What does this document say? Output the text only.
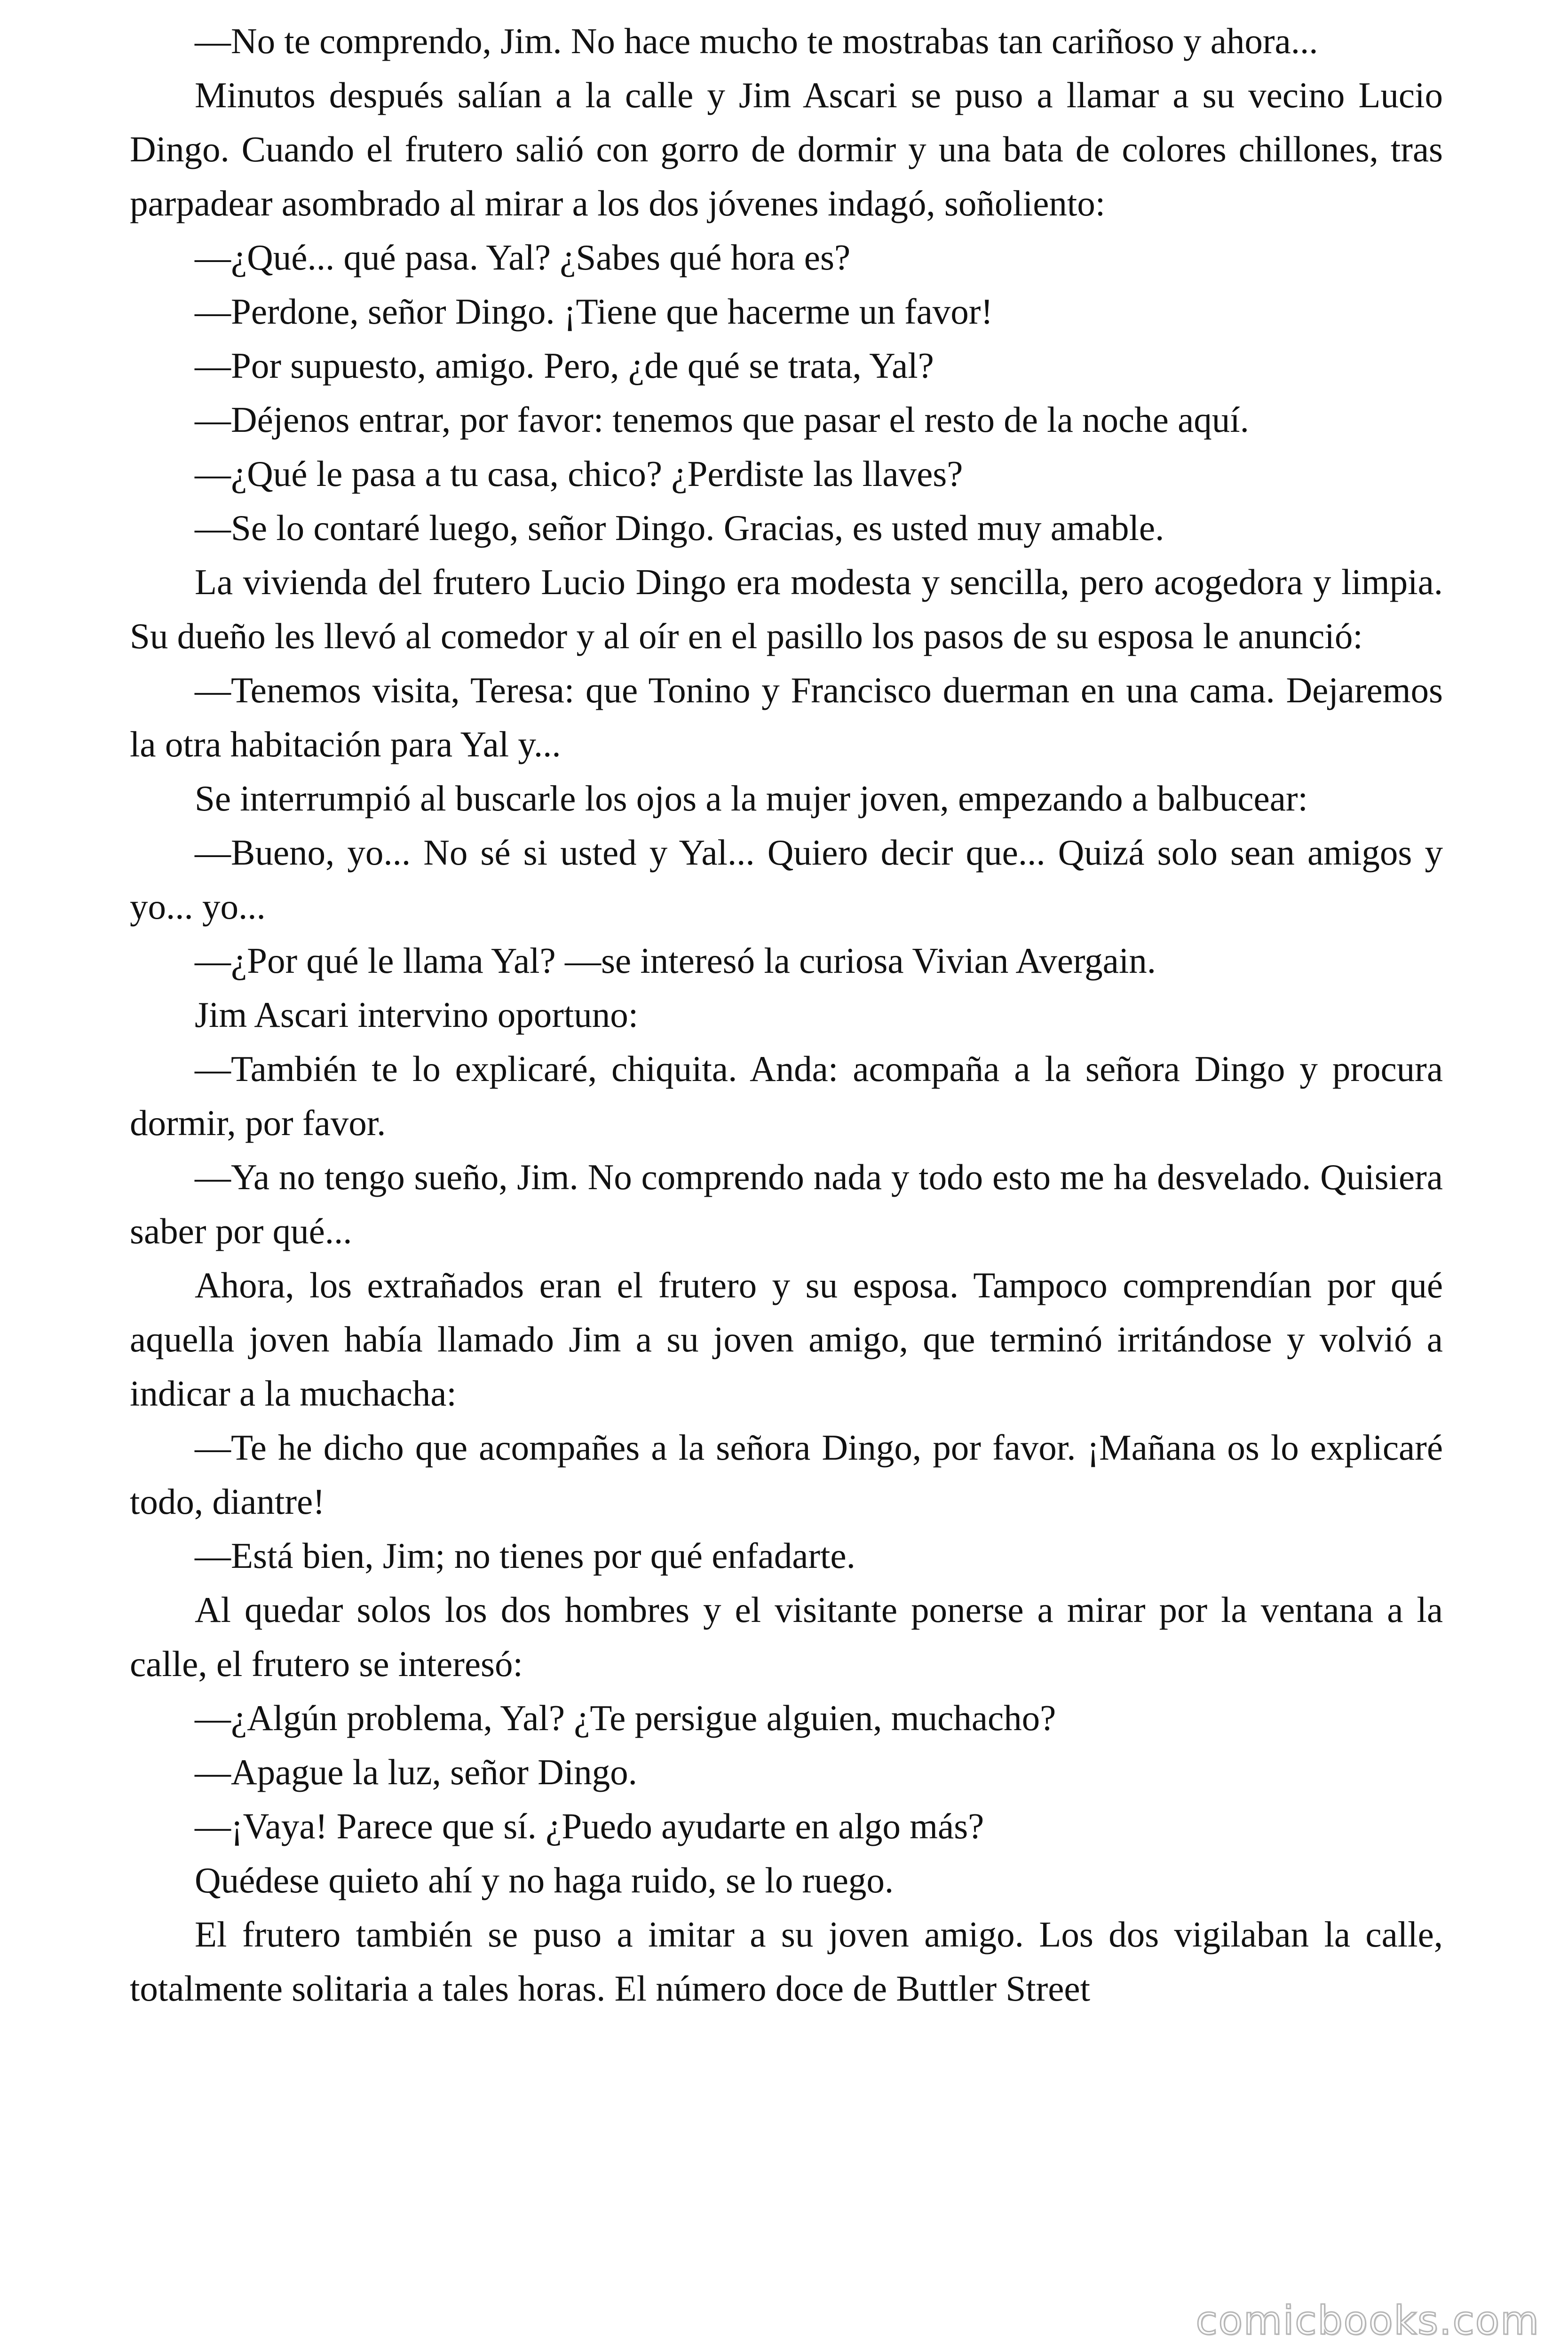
—No te comprendo, Jim. No hace mucho te mostrabas tan cariñoso y ahora...

Minutos después salían a la calle y Jim Ascari se puso a llamar a su vecino Lucio Dingo. Cuando el frutero salió con gorro de dormir y una bata de colores chillones, tras parpadear asombrado al mirar a los dos jóvenes indagó, soñoliento:

—¿Qué... qué pasa. Yal? ¿Sabes qué hora es?

—Perdone, señor Dingo. ¡Tiene que hacerme un favor!

—Por supuesto, amigo. Pero, ¿de qué se trata, Yal?

—Déjenos entrar, por favor: tenemos que pasar el resto de la noche aquí.

—¿Qué le pasa a tu casa, chico? ¿Perdiste las llaves?

—Se lo contaré luego, señor Dingo. Gracias, es usted muy amable.

La vivienda del frutero Lucio Dingo era modesta y sencilla, pero acogedora y limpia. Su dueño les llevó al comedor y al oír en el pasillo los pasos de su esposa le anunció:

—Tenemos visita, Teresa: que Tonino y Francisco duerman en una cama. Dejaremos la otra habitación para Yal y...

Se interrumpió al buscarle los ojos a la mujer joven, empezando a balbucear:

—Bueno, yo... No sé si usted y Yal... Quiero decir que... Quizá solo sean amigos y yo... yo...

—¿Por qué le llama Yal? —se interesó la curiosa Vivian Avergain.

Jim Ascari intervino oportuno:

—También te lo explicaré, chiquita. Anda: acompaña a la señora Dingo y procura dormir, por favor.

—Ya no tengo sueño, Jim. No comprendo nada y todo esto me ha desvelado. Quisiera saber por qué...

Ahora, los extrañados eran el frutero y su esposa. Tampoco comprendían por qué aquella joven había llamado Jim a su joven amigo, que terminó irritándose y volvió a indicar a la muchacha:

—Te he dicho que acompañes a la señora Dingo, por favor. ¡Mañana os lo explicaré todo, diantre!

—Está bien, Jim; no tienes por qué enfadarte.

Al quedar solos los dos hombres y el visitante ponerse a mirar por la ventana a la calle, el frutero se interesó:

—¿Algún problema, Yal? ¿Te persigue alguien, muchacho?

—Apague la luz, señor Dingo.

—¡Vaya! Parece que sí. ¿Puedo ayudarte en algo más?

Quédese quieto ahí y no haga ruido, se lo ruego.

El frutero también se puso a imitar a su joven amigo. Los dos vigilaban la calle, totalmente solitaria a tales horas. El número doce de Buttler Street

comicbooks.com
